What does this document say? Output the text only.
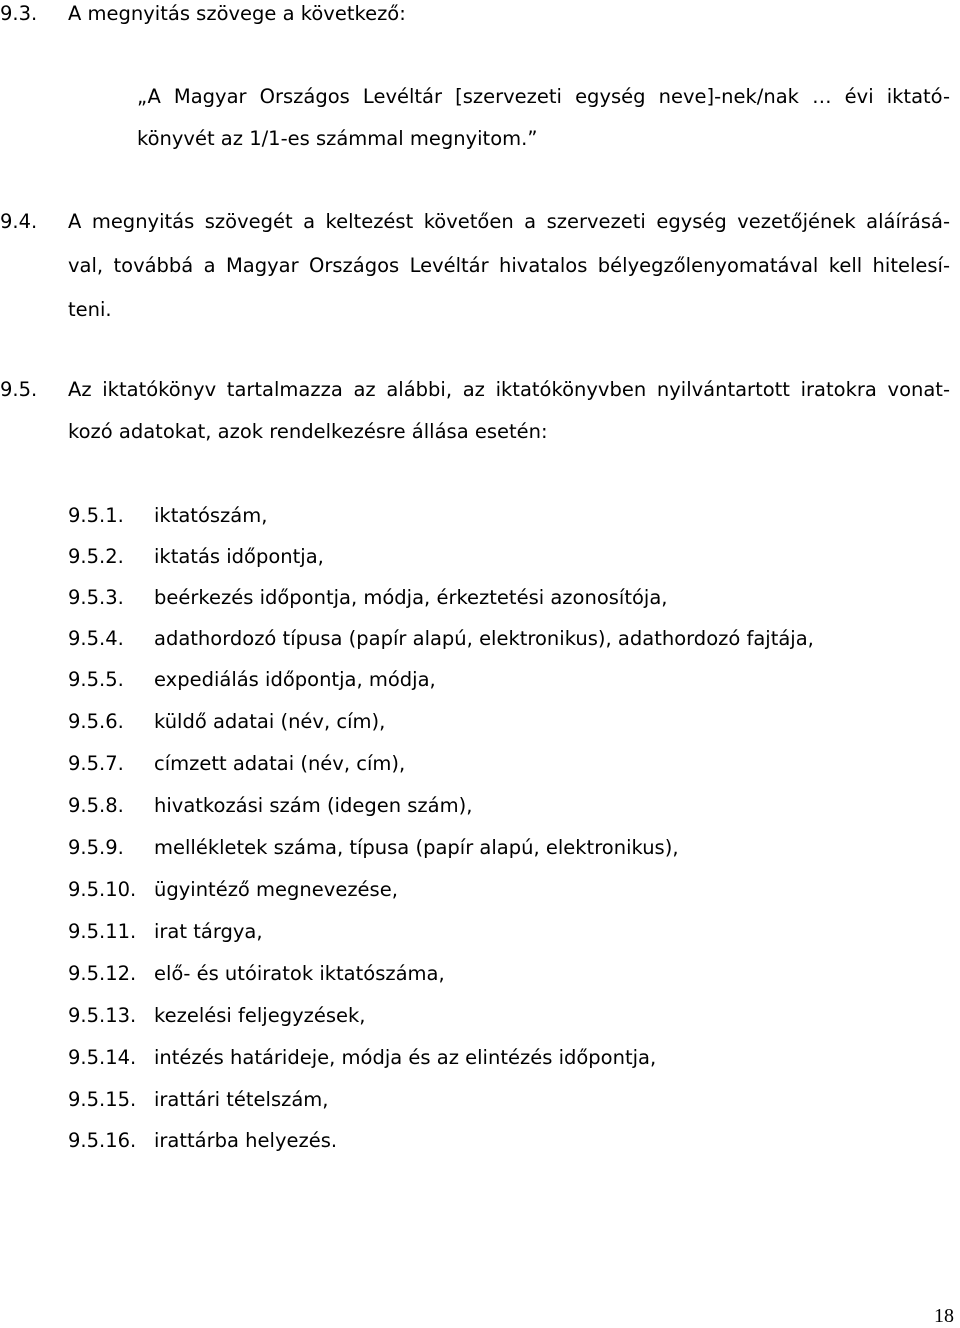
9.3. A megnyitás szövege a következő:
„A Magyar Országos Levéltár [szervezeti egység neve]-nek/nak … évi iktató-
könyvét az 1/1-es számmal megnyitom.”
9.4. A megnyitás szövegét a keltezést követően a szervezeti egység vezetőjének aláírásá-
val, továbbá a Magyar Országos Levéltár hivatalos bélyegzőlenyomatával kell hitelesí-
teni.
9.5. Az iktatókönyv tartalmazza az alábbi, az iktatókönyvben nyilvántartott iratokra vonat-
kozó adatokat, azok rendelkezésre állása esetén:
9.5.1. iktatószám,
9.5.2. iktatás időpontja,
9.5.3. beérkezés időpontja, módja, érkeztetési azonosítója,
9.5.4. adathordozó típusa (papír alapú, elektronikus), adathordozó fajtája,
9.5.5. expediálás időpontja, módja,
9.5.6. küldő adatai (név, cím),
9.5.7. címzett adatai (név, cím),
9.5.8. hivatkozási szám (idegen szám),
9.5.9. mellékletek száma, típusa (papír alapú, elektronikus),
9.5.10. ügyintéző megnevezése,
9.5.11. irat tárgya,
9.5.12. elő- és utóiratok iktatószáma,
9.5.13. kezelési feljegyzések,
9.5.14. intézés határideje, módja és az elintézés időpontja,
9.5.15. irattári tételszám,
9.5.16. irattárba helyezés.
18
